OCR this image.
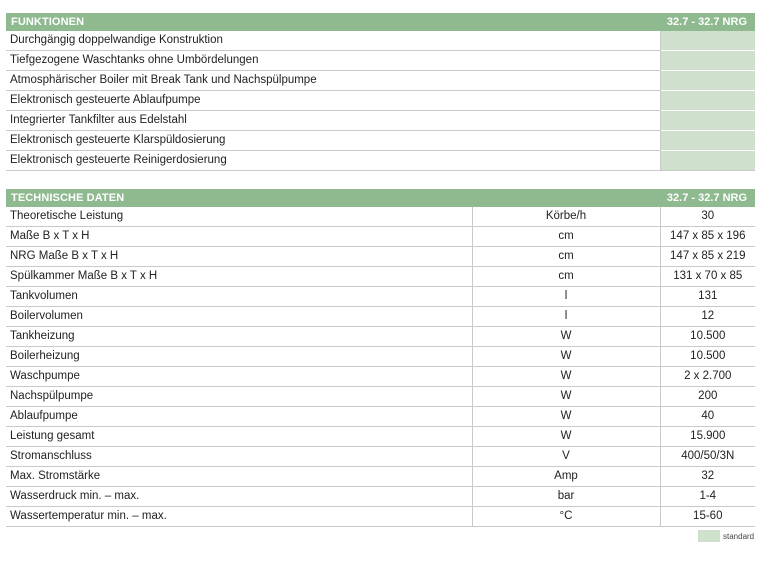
FUNKTIONEN	32.7 - 32.7 NRG
Durchgängig doppelwandige Konstruktion	
Tiefgezogene Waschtanks ohne Umbördelungen	
Atmosphärischer Boiler mit Break Tank und Nachspülpumpe	
Elektronisch gesteuerte Ablaufpumpe	
Integrierter Tankfilter aus Edelstahl	
Elektronisch gesteuerte Klarspüldosierung	
Elektronisch gesteuerte Reinigerdosierung	
TECHNISCHE DATEN		32.7 - 32.7 NRG
Theoretische Leistung	Körbe/h	30
Maße B x T x H	cm	147 x 85 x 196
NRG Maße B x T x H	cm	147 x 85 x 219
Spülkammer Maße B x T x H	cm	131 x 70 x 85
Tankvolumen	l	131
Boilervolumen	l	12
Tankheizung	W	10.500
Boilerheizung	W	10.500
Waschpumpe	W	2 x 2.700
Nachspülpumpe	W	200
Ablaufpumpe	W	40
Leistung gesamt	W	15.900
Stromanschluss	V	400/50/3N
Max. Stromstärke	Amp	32
Wasserdruck min. – max.	bar	1-4
Wassertemperatur min. – max.	°C	15-60
standard
